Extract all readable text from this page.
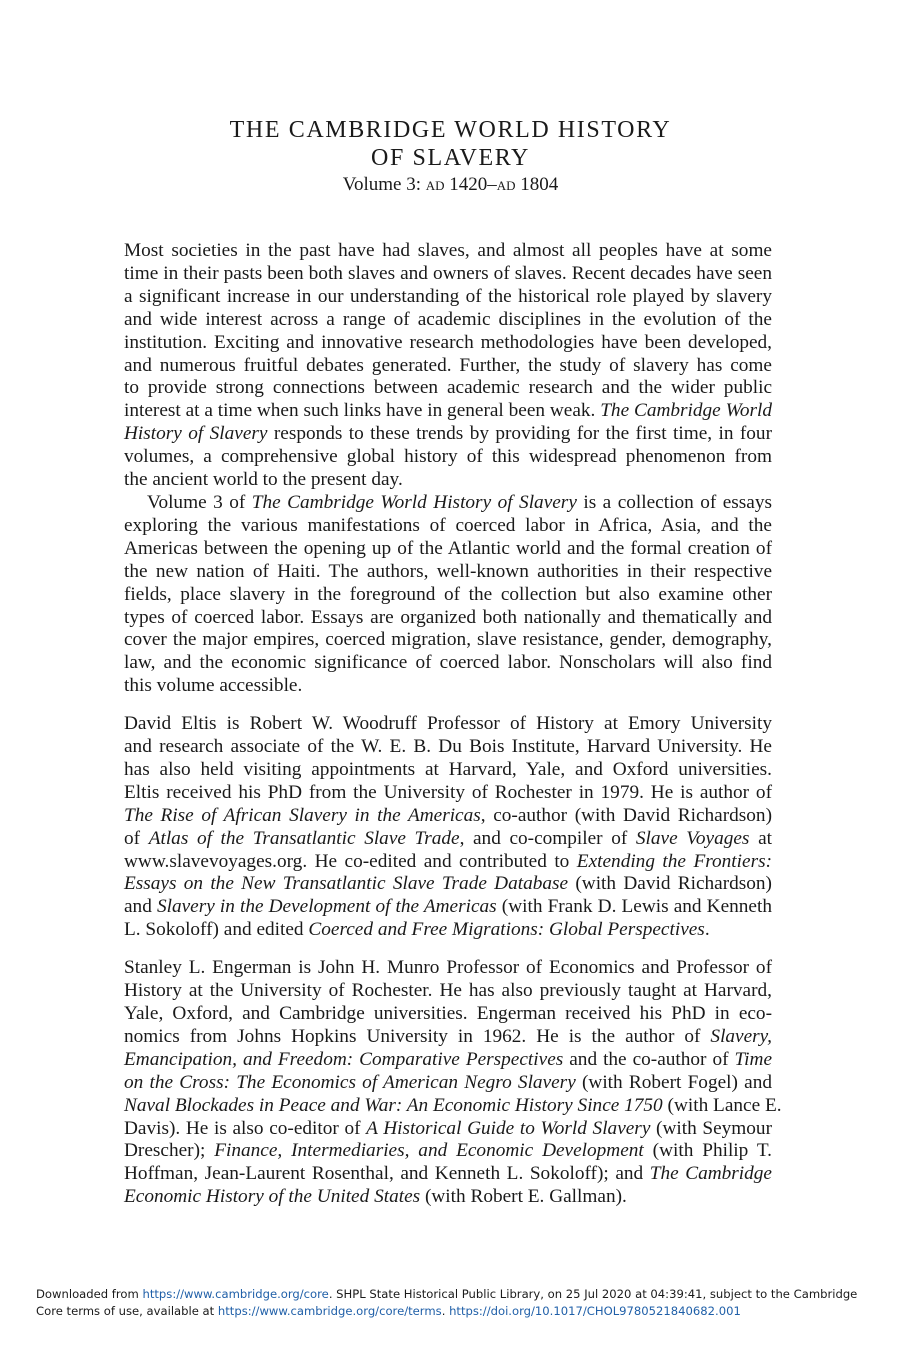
THE CAMBRIDGE WORLD HISTORY
OF SLAVERY
Volume 3: ad 1420–ad 1804

Most societies in the past have had slaves, and almost all peoples have at some
time in their pasts been both slaves and owners of slaves. Recent decades have seen
a significant increase in our understanding of the historical role played by slavery
and wide interest across a range of academic disciplines in the evolution of the
institution. Exciting and innovative research methodologies have been developed,
and numerous fruitful debates generated. Further, the study of slavery has come
to provide strong connections between academic research and the wider public
interest at a time when such links have in general been weak. The Cambridge World
History of Slavery responds to these trends by providing for the first time, in four
volumes, a comprehensive global history of this widespread phenomenon from
the ancient world to the present day.

Volume 3 of The Cambridge World History of Slavery is a collection of essays
exploring the various manifestations of coerced labor in Africa, Asia, and the
Americas between the opening up of the Atlantic world and the formal creation of
the new nation of Haiti. The authors, well-known authorities in their respective
fields, place slavery in the foreground of the collection but also examine other
types of coerced labor. Essays are organized both nationally and thematically and
cover the major empires, coerced migration, slave resistance, gender, demography,
law, and the economic significance of coerced labor. Nonscholars will also find
this volume accessible.

David Eltis is Robert W. Woodruff Professor of History at Emory University
and research associate of the W. E. B. Du Bois Institute, Harvard University. He
has also held visiting appointments at Harvard, Yale, and Oxford universities.
Eltis received his PhD from the University of Rochester in 1979. He is author of
The Rise of African Slavery in the Americas, co-author (with David Richardson)
of Atlas of the Transatlantic Slave Trade, and co-compiler of Slave Voyages at
www.slavevoyages.org. He co-edited and contributed to Extending the Frontiers:
Essays on the New Transatlantic Slave Trade Database (with David Richardson)
and Slavery in the Development of the Americas (with Frank D. Lewis and Kenneth
L. Sokoloff) and edited Coerced and Free Migrations: Global Perspectives.

Stanley L. Engerman is John H. Munro Professor of Economics and Professor of
History at the University of Rochester. He has also previously taught at Harvard,
Yale, Oxford, and Cambridge universities. Engerman received his PhD in eco-
nomics from Johns Hopkins University in 1962. He is the author of Slavery,
Emancipation, and Freedom: Comparative Perspectives and the co-author of Time
on the Cross: The Economics of American Negro Slavery (with Robert Fogel) and
Naval Blockades in Peace and War: An Economic History Since 1750 (with Lance E.
Davis). He is also co-editor of A Historical Guide to World Slavery (with Seymour
Drescher); Finance, Intermediaries, and Economic Development (with Philip T.
Hoffman, Jean-Laurent Rosenthal, and Kenneth L. Sokoloff); and The Cambridge
Economic History of the United States (with Robert E. Gallman).

Downloaded from https://www.cambridge.org/core. SHPL State Historical Public Library, on 25 Jul 2020 at 04:39:41, subject to the Cambridge
Core terms of use, available at https://www.cambridge.org/core/terms. https://doi.org/10.1017/CHOL9780521840682.001
